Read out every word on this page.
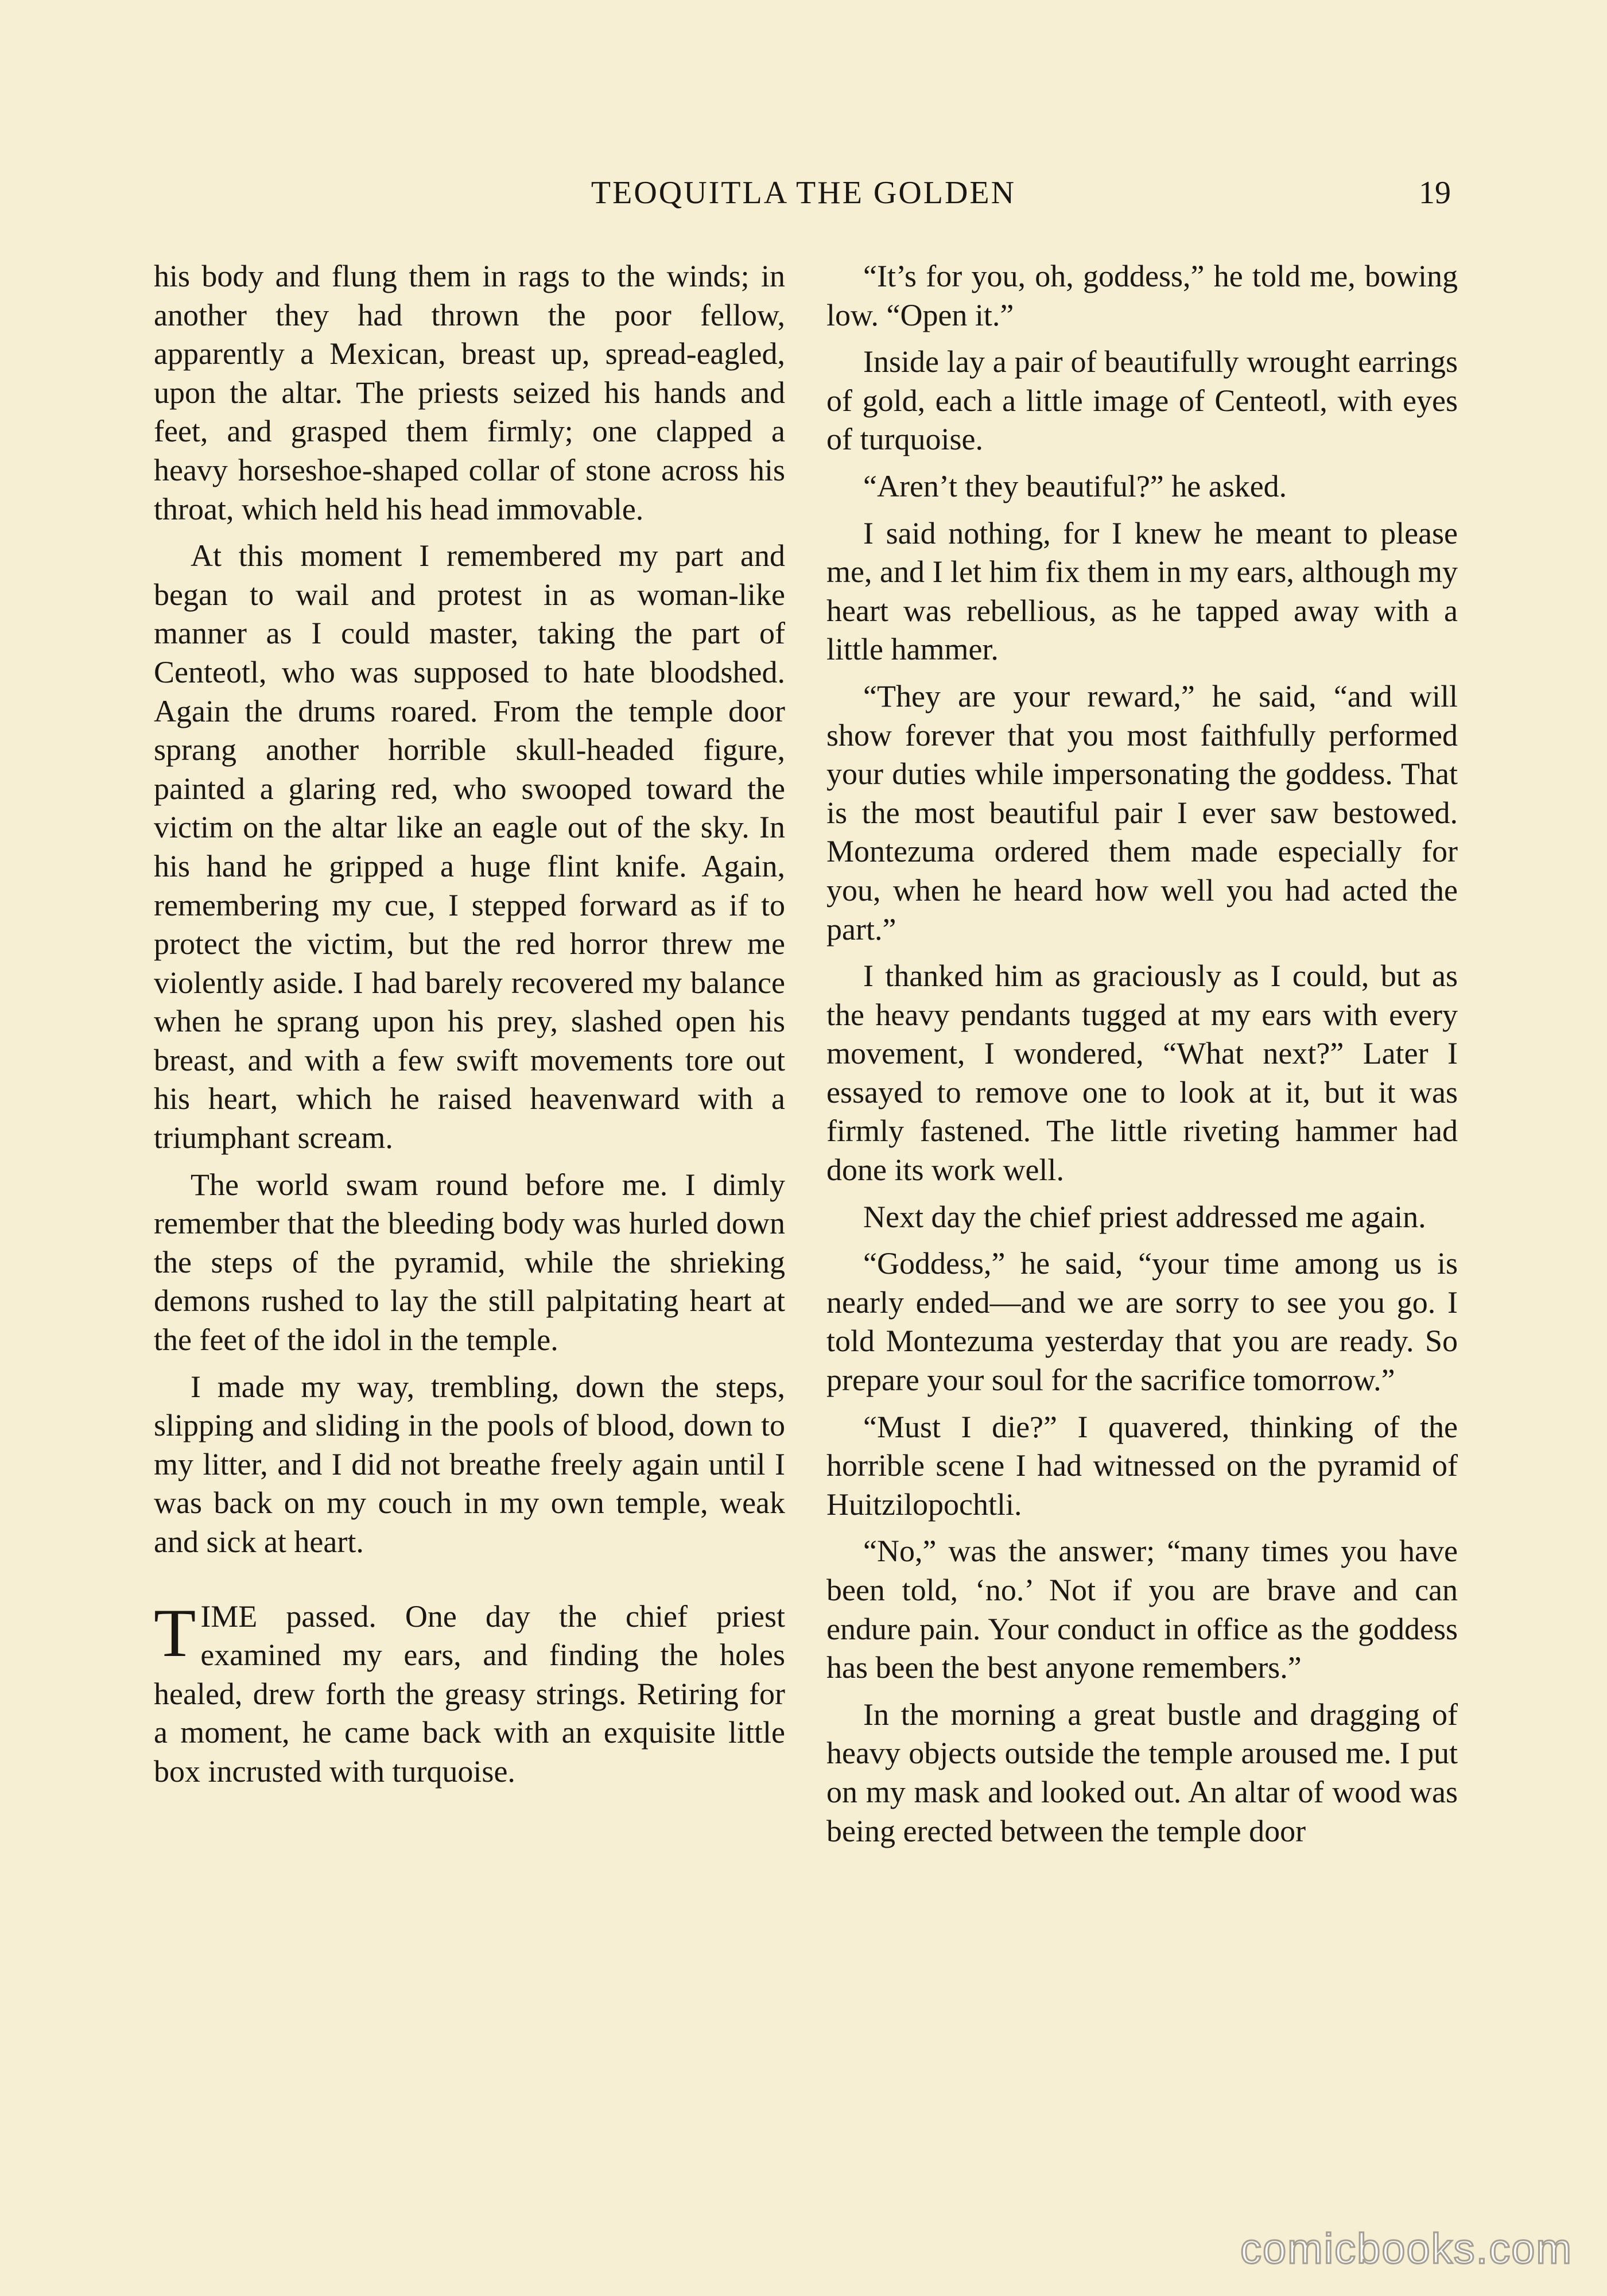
TEOQUITLA THE GOLDEN	19

his body and flung them in rags to the winds; in another they had thrown the poor fellow, apparently a Mexican, breast up, spread-eagled, upon the altar. The priests seized his hands and feet, and grasped them firmly; one clapped a heavy horseshoe-shaped collar of stone across his throat, which held his head immovable.

At this moment I remembered my part and began to wail and protest in as woman-like manner as I could master, taking the part of Centeotl, who was supposed to hate bloodshed. Again the drums roared. From the temple door sprang another horrible skull-headed figure, painted a glaring red, who swooped toward the victim on the altar like an eagle out of the sky. In his hand he gripped a huge flint knife. Again, remembering my cue, I stepped forward as if to protect the victim, but the red horror threw me violently aside. I had barely recovered my balance when he sprang upon his prey, slashed open his breast, and with a few swift movements tore out his heart, which he raised heavenward with a triumphant scream.

The world swam round before me. I dimly remember that the bleeding body was hurled down the steps of the pyramid, while the shrieking demons rushed to lay the still palpitating heart at the feet of the idol in the temple.

I made my way, trembling, down the steps, slipping and sliding in the pools of blood, down to my litter, and I did not breathe freely again until I was back on my couch in my own temple, weak and sick at heart.

TIME passed. One day the chief priest examined my ears, and finding the holes healed, drew forth the greasy strings. Retiring for a moment, he came back with an exquisite little box incrusted with turquoise.

“It’s for you, oh, goddess,” he told me, bowing low. “Open it.”

Inside lay a pair of beautifully wrought earrings of gold, each a little image of Centeotl, with eyes of turquoise.

“Aren’t they beautiful?” he asked.

I said nothing, for I knew he meant to please me, and I let him fix them in my ears, although my heart was rebellious, as he tapped away with a little hammer.

“They are your reward,” he said, “and will show forever that you most faithfully performed your duties while impersonating the goddess. That is the most beautiful pair I ever saw bestowed. Montezuma ordered them made especially for you, when he heard how well you had acted the part.”

I thanked him as graciously as I could, but as the heavy pendants tugged at my ears with every movement, I wondered, “What next?” Later I essayed to remove one to look at it, but it was firmly fastened. The little riveting hammer had done its work well.

Next day the chief priest addressed me again.

“Goddess,” he said, “your time among us is nearly ended—and we are sorry to see you go. I told Montezuma yesterday that you are ready. So prepare your soul for the sacrifice tomorrow.”

“Must I die?” I quavered, thinking of the horrible scene I had witnessed on the pyramid of Huitzilopochtli.

“No,” was the answer; “many times you have been told, ‘no.’ Not if you are brave and can endure pain. Your conduct in office as the goddess has been the best anyone remembers.”

In the morning a great bustle and dragging of heavy objects outside the temple aroused me. I put on my mask and looked out. An altar of wood was being erected between the temple door

comicbooks.com
